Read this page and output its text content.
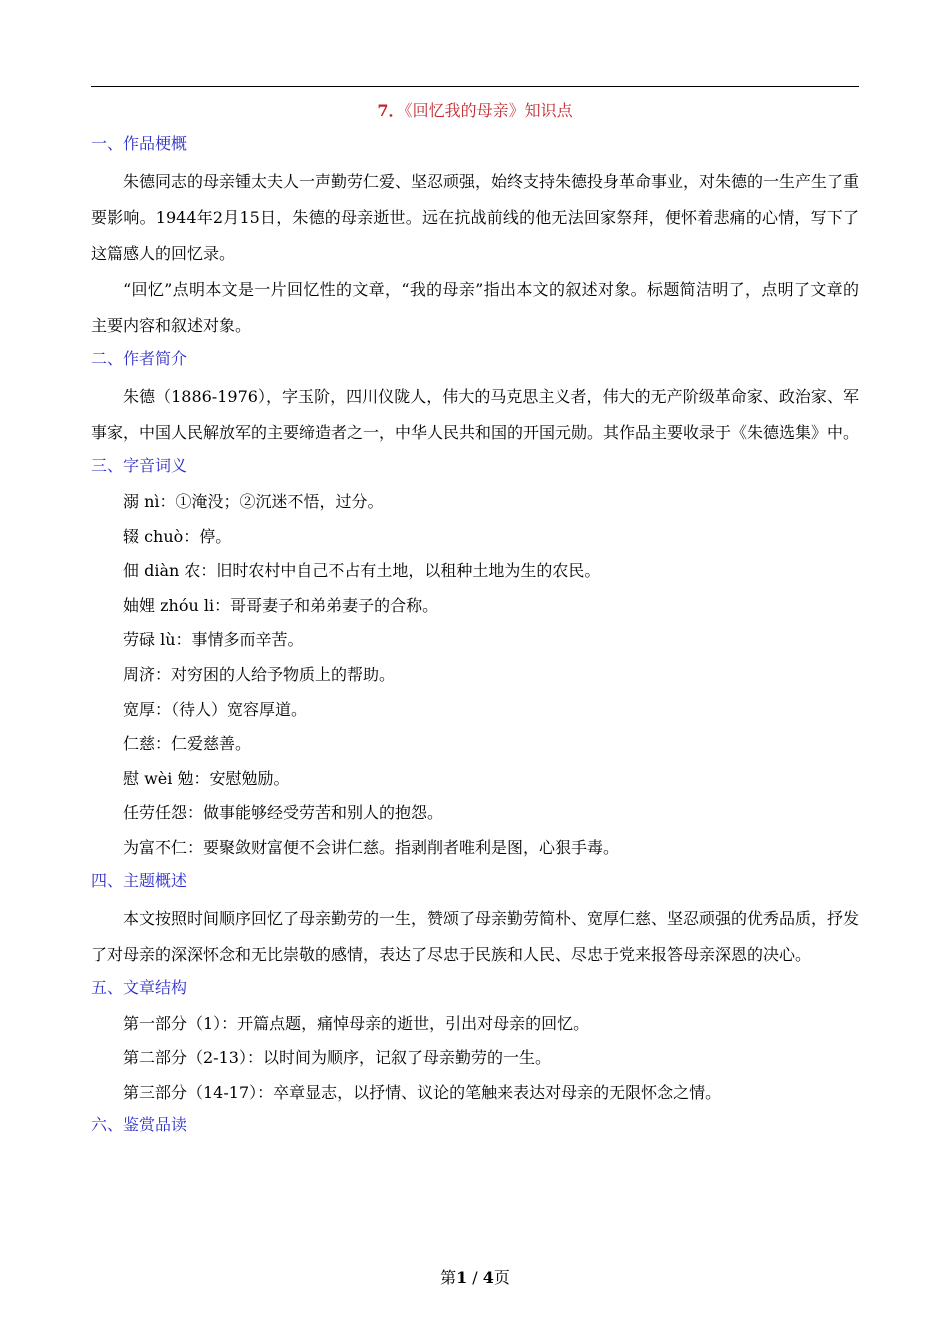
7．《回忆我的母亲》知识点
一、作品梗概

朱德同志的母亲锺太夫人一声勤劳仁爱、坚忍顽强，始终支持朱德投身革命事业，对朱德的一生产生了重要影响。1944年2月15日，朱德的母亲逝世。远在抗战前线的他无法回家祭拜，便怀着悲痛的心情，写下了这篇感人的回忆录。

“回忆”点明本文是一片回忆性的文章，“我的母亲”指出本文的叙述对象。标题简洁明了，点明了文章的主要内容和叙述对象。

二、作者简介

朱德（1886-1976），字玉阶，四川仪陇人，伟大的马克思主义者，伟大的无产阶级革命家、政治家、军事家，中国人民解放军的主要缔造者之一，中华人民共和国的开国元勋。其作品主要收录于《朱德选集》中。

三、字音词义

溺 nì：①淹没；②沉迷不悟，过分。

辍 chuò：停。

佃 diàn 农：旧时农村中自己不占有土地，以租种土地为生的农民。

妯娌 zhóu li：哥哥妻子和弟弟妻子的合称。

劳碌 lù：事情多而辛苦。

周济：对穷困的人给予物质上的帮助。

宽厚：（待人）宽容厚道。

仁慈：仁爱慈善。

慰 wèi 勉：安慰勉励。

任劳任怨：做事能够经受劳苦和别人的抱怨。

为富不仁：要聚敛财富便不会讲仁慈。指剥削者唯利是图，心狠手毒。

四、主题概述

本文按照时间顺序回忆了母亲勤劳的一生，赞颂了母亲勤劳简朴、宽厚仁慈、坚忍顽强的优秀品质，抒发了对母亲的深深怀念和无比崇敬的感情，表达了尽忠于民族和人民、尽忠于党来报答母亲深恩的决心。

五、文章结构

第一部分（1）：开篇点题，痛悼母亲的逝世，引出对母亲的回忆。

第二部分（2-13）：以时间为顺序，记叙了母亲勤劳的一生。

第三部分（14-17）：卒章显志，以抒情、议论的笔触来表达对母亲的无限怀念之情。

六、鉴赏品读
第1 / 4页
